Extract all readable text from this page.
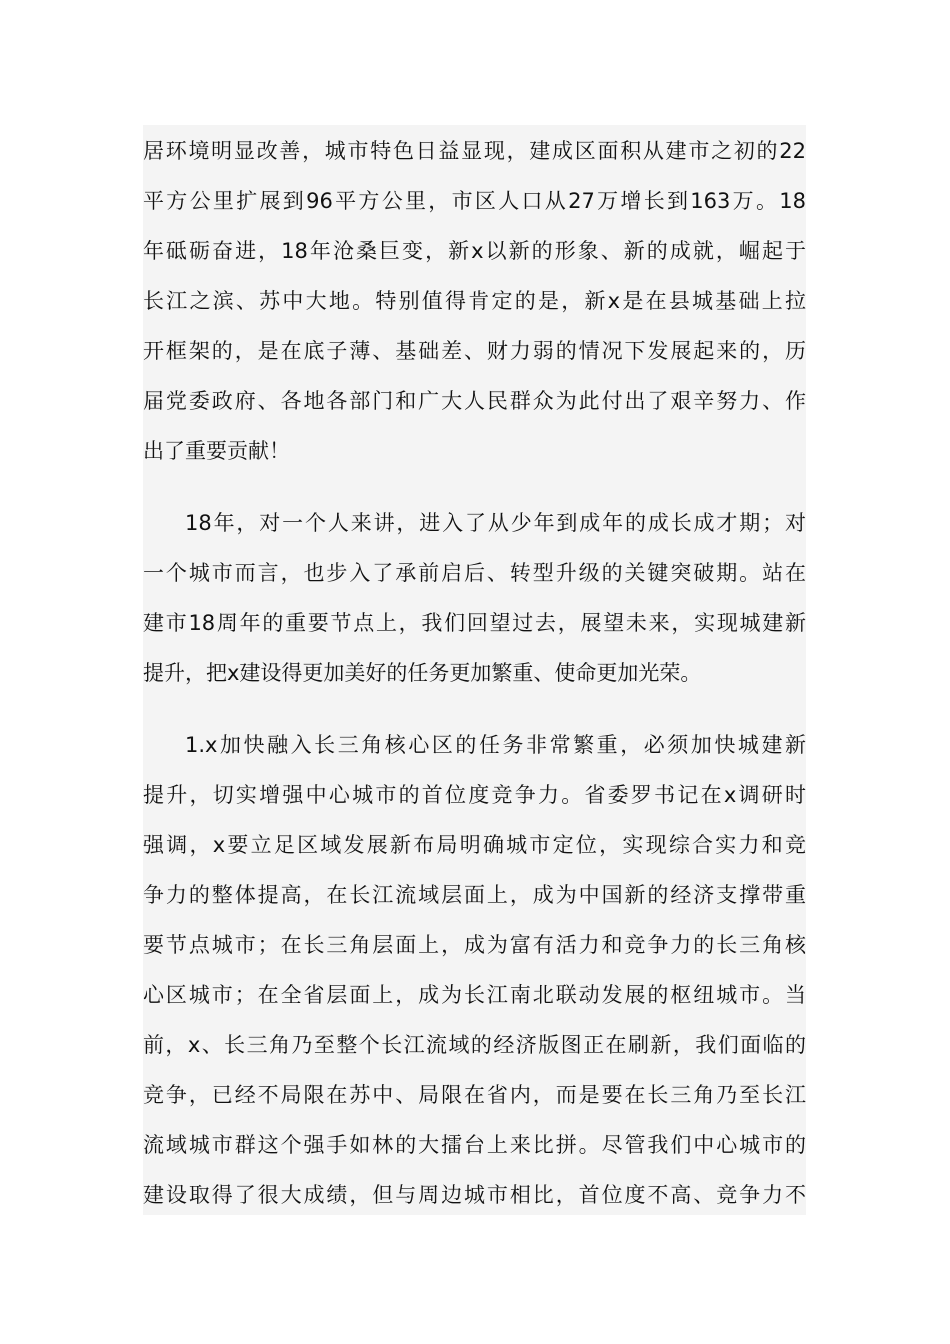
居环境明显改善，城市特色日益显现，建成区面积从建市之初的22
平方公里扩展到96平方公里，市区人口从27万增长到163万。18
年砥砺奋进，18年沧桑巨变，新x以新的形象、新的成就，崛起于
长江之滨、苏中大地。特别值得肯定的是，新x是在县城基础上拉
开框架的，是在底子薄、基础差、财力弱的情况下发展起来的，历
届党委政府、各地各部门和广大人民群众为此付出了艰辛努力、作
出了重要贡献！
18年，对一个人来讲，进入了从少年到成年的成长成才期；对
一个城市而言，也步入了承前启后、转型升级的关键突破期。站在
建市18周年的重要节点上，我们回望过去，展望未来，实现城建新
提升，把x建设得更加美好的任务更加繁重、使命更加光荣。
1.x加快融入长三角核心区的任务非常繁重，必须加快城建新
提升，切实增强中心城市的首位度竞争力。省委罗书记在x调研时
强调，x要立足区域发展新布局明确城市定位，实现综合实力和竞
争力的整体提高，在长江流域层面上，成为中国新的经济支撑带重
要节点城市；在长三角层面上，成为富有活力和竞争力的长三角核
心区城市；在全省层面上，成为长江南北联动发展的枢纽城市。当
前，x、长三角乃至整个长江流域的经济版图正在刷新，我们面临的
竞争，已经不局限在苏中、局限在省内，而是要在长三角乃至长江
流域城市群这个强手如林的大擂台上来比拼。尽管我们中心城市的
建设取得了很大成绩，但与周边城市相比，首位度不高、竞争力不
